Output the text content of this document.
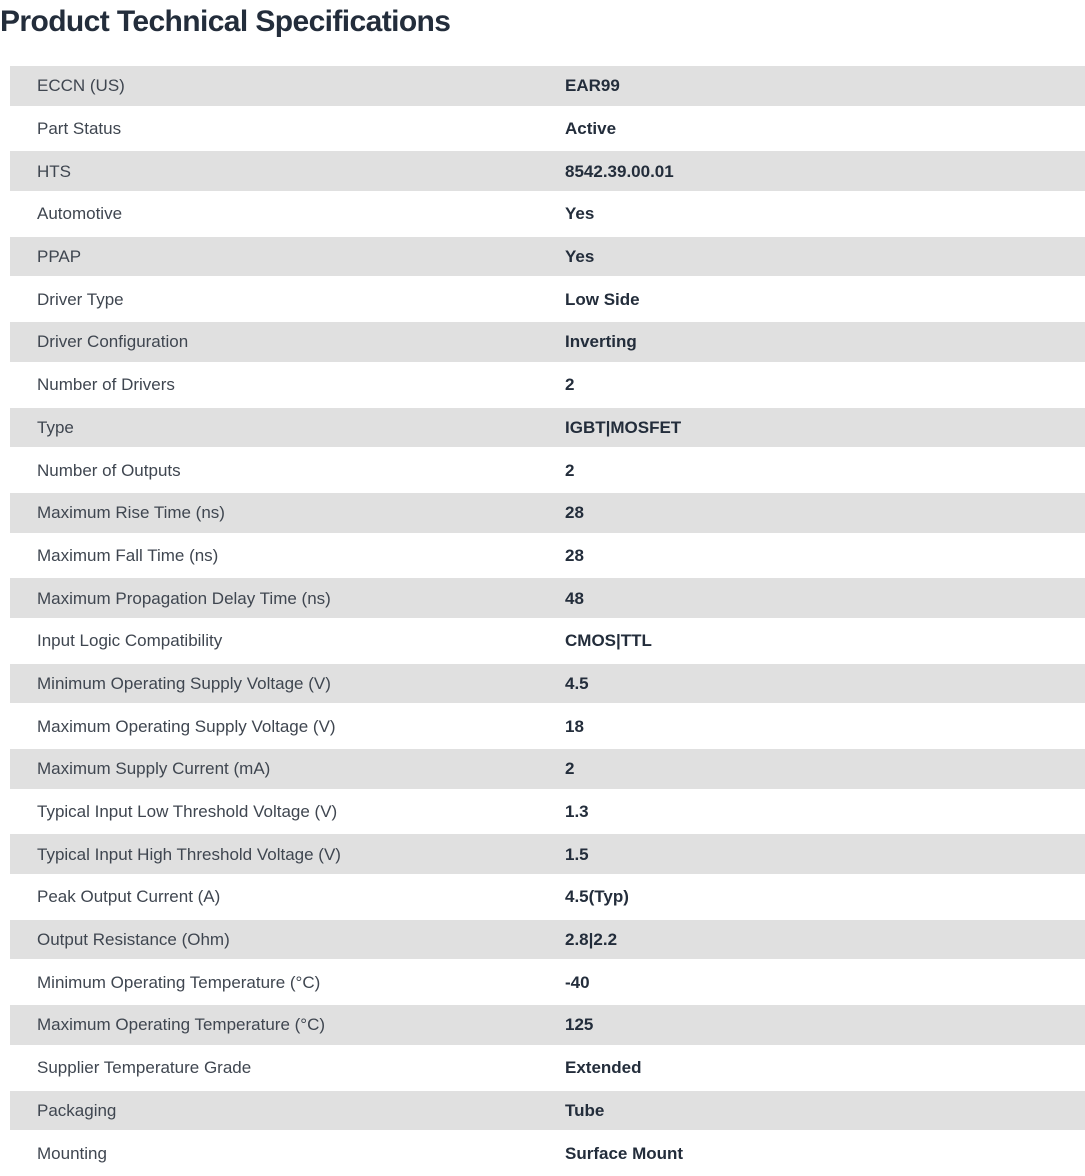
Product Technical Specifications
ECCN (US)	EAR99
Part Status	Active
HTS	8542.39.00.01
Automotive	Yes
PPAP	Yes
Driver Type	Low Side
Driver Configuration	Inverting
Number of Drivers	2
Type	IGBT|MOSFET
Number of Outputs	2
Maximum Rise Time (ns)	28
Maximum Fall Time (ns)	28
Maximum Propagation Delay Time (ns)	48
Input Logic Compatibility	CMOS|TTL
Minimum Operating Supply Voltage (V)	4.5
Maximum Operating Supply Voltage (V)	18
Maximum Supply Current (mA)	2
Typical Input Low Threshold Voltage (V)	1.3
Typical Input High Threshold Voltage (V)	1.5
Peak Output Current (A)	4.5(Typ)
Output Resistance (Ohm)	2.8|2.2
Minimum Operating Temperature (°C)	-40
Maximum Operating Temperature (°C)	125
Supplier Temperature Grade	Extended
Packaging	Tube
Mounting	Surface Mount
